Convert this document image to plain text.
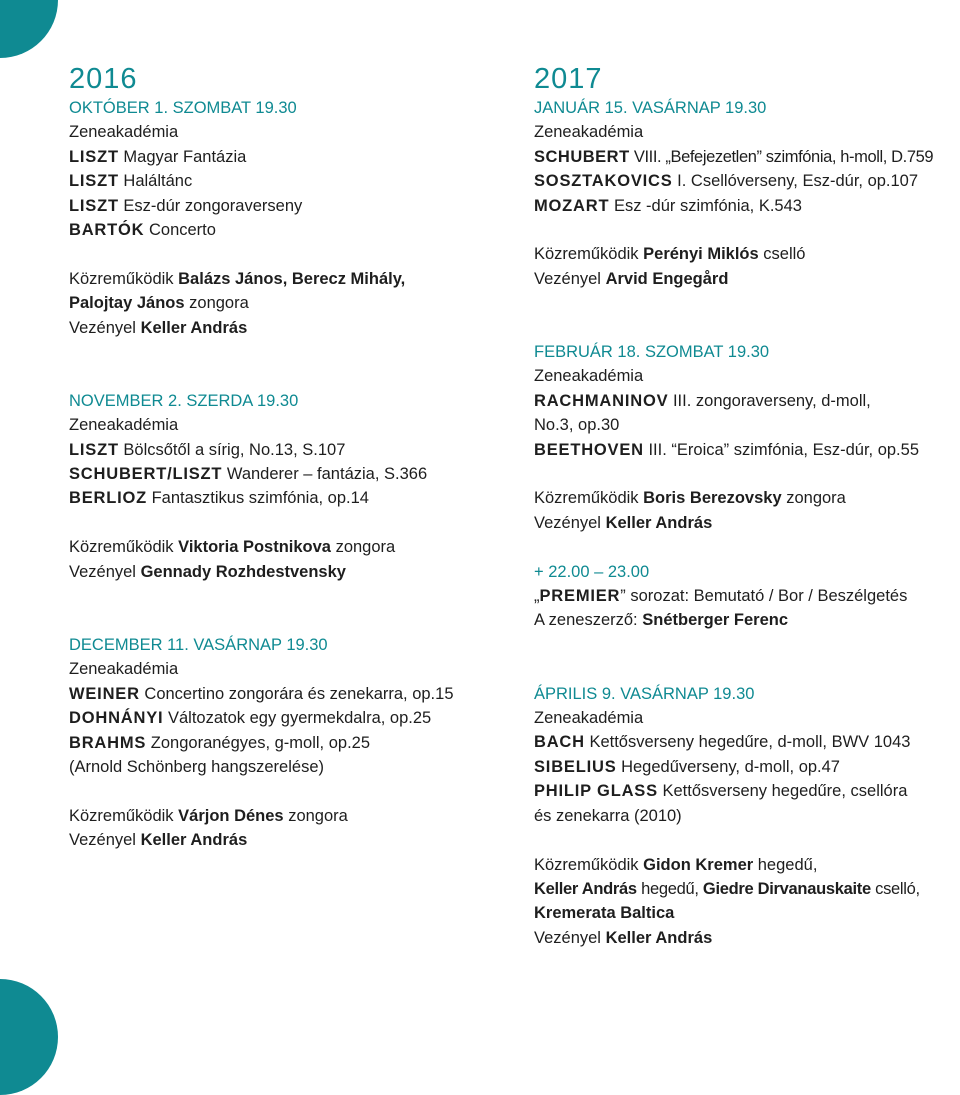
2016
OKTÓBER 1. SZOMBAT 19.30
Zeneakadémia
LISZT Magyar Fantázia
LISZT Haláltánc
LISZT Esz-dúr zongoraverseny
BARTÓK Concerto
Közreműködik Balázs János, Berecz Mihály,
Palojtay János zongora
Vezényel Keller András
NOVEMBER 2. SZERDA 19.30
Zeneakadémia
LISZT Bölcsőtől a sírig, No.13, S.107
SCHUBERT/LISZT Wanderer – fantázia, S.366
BERLIOZ Fantasztikus szimfónia, op.14
Közreműködik Viktoria Postnikova zongora
Vezényel Gennady Rozhdestvensky
DECEMBER 11. VASÁRNAP 19.30
Zeneakadémia
WEINER Concertino zongorára és zenekarra, op.15
DOHNÁNYI Változatok egy gyermekdalra, op.25
BRAHMS Zongoranégyes, g-moll, op.25
(Arnold Schönberg hangszerelése)
Közreműködik Várjon Dénes zongora
Vezényel Keller András
2017
JANUÁR 15. VASÁRNAP 19.30
Zeneakadémia
SCHUBERT VIII. „Befejezetlen” szimfónia, h-moll, D.759
SOSZTAKOVICS I. Csellóverseny, Esz-dúr, op.107
MOZART Esz -dúr szimfónia, K.543
Közreműködik Perényi Miklós cselló
Vezényel Arvid Engegård
FEBRUÁR 18. SZOMBAT 19.30
Zeneakadémia
RACHMANINOV III. zongoraverseny, d-moll,
No.3, op.30
BEETHOVEN III. “Eroica” szimfónia, Esz-dúr, op.55
Közreműködik Boris Berezovsky zongora
Vezényel Keller András
+ 22.00 – 23.00
„PREMIER” sorozat: Bemutató / Bor / Beszélgetés
A zeneszerző: Snétberger Ferenc
ÁPRILIS 9. VASÁRNAP 19.30
Zeneakadémia
BACH Kettősverseny hegedűre, d-moll, BWV 1043
SIBELIUS Hegedűverseny, d-moll, op.47
PHILIP GLASS Kettősverseny hegedűre, csellóra
és zenekarra (2010)
Közreműködik Gidon Kremer hegedű,
Keller András hegedű, Giedre Dirvanauskaite cselló,
Kremerata Baltica
Vezényel Keller András
